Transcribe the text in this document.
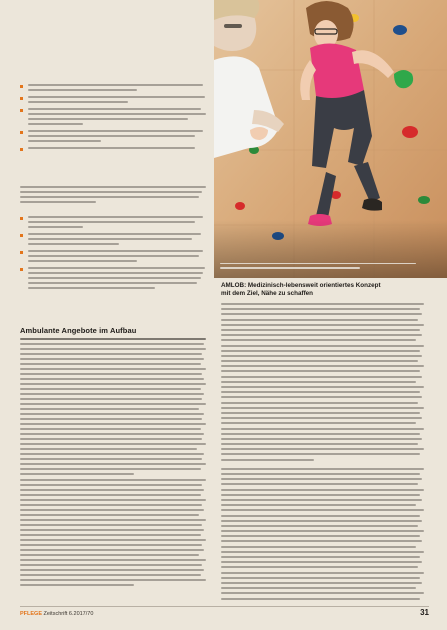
Ambulante Angebote im Aufbau
AMLOB: Medizinisch-lebensweit orientiertes Konzept mit dem Ziel, Nähe zu schaffen
PFLEGE Zeitschrift 6.2017/70	31
